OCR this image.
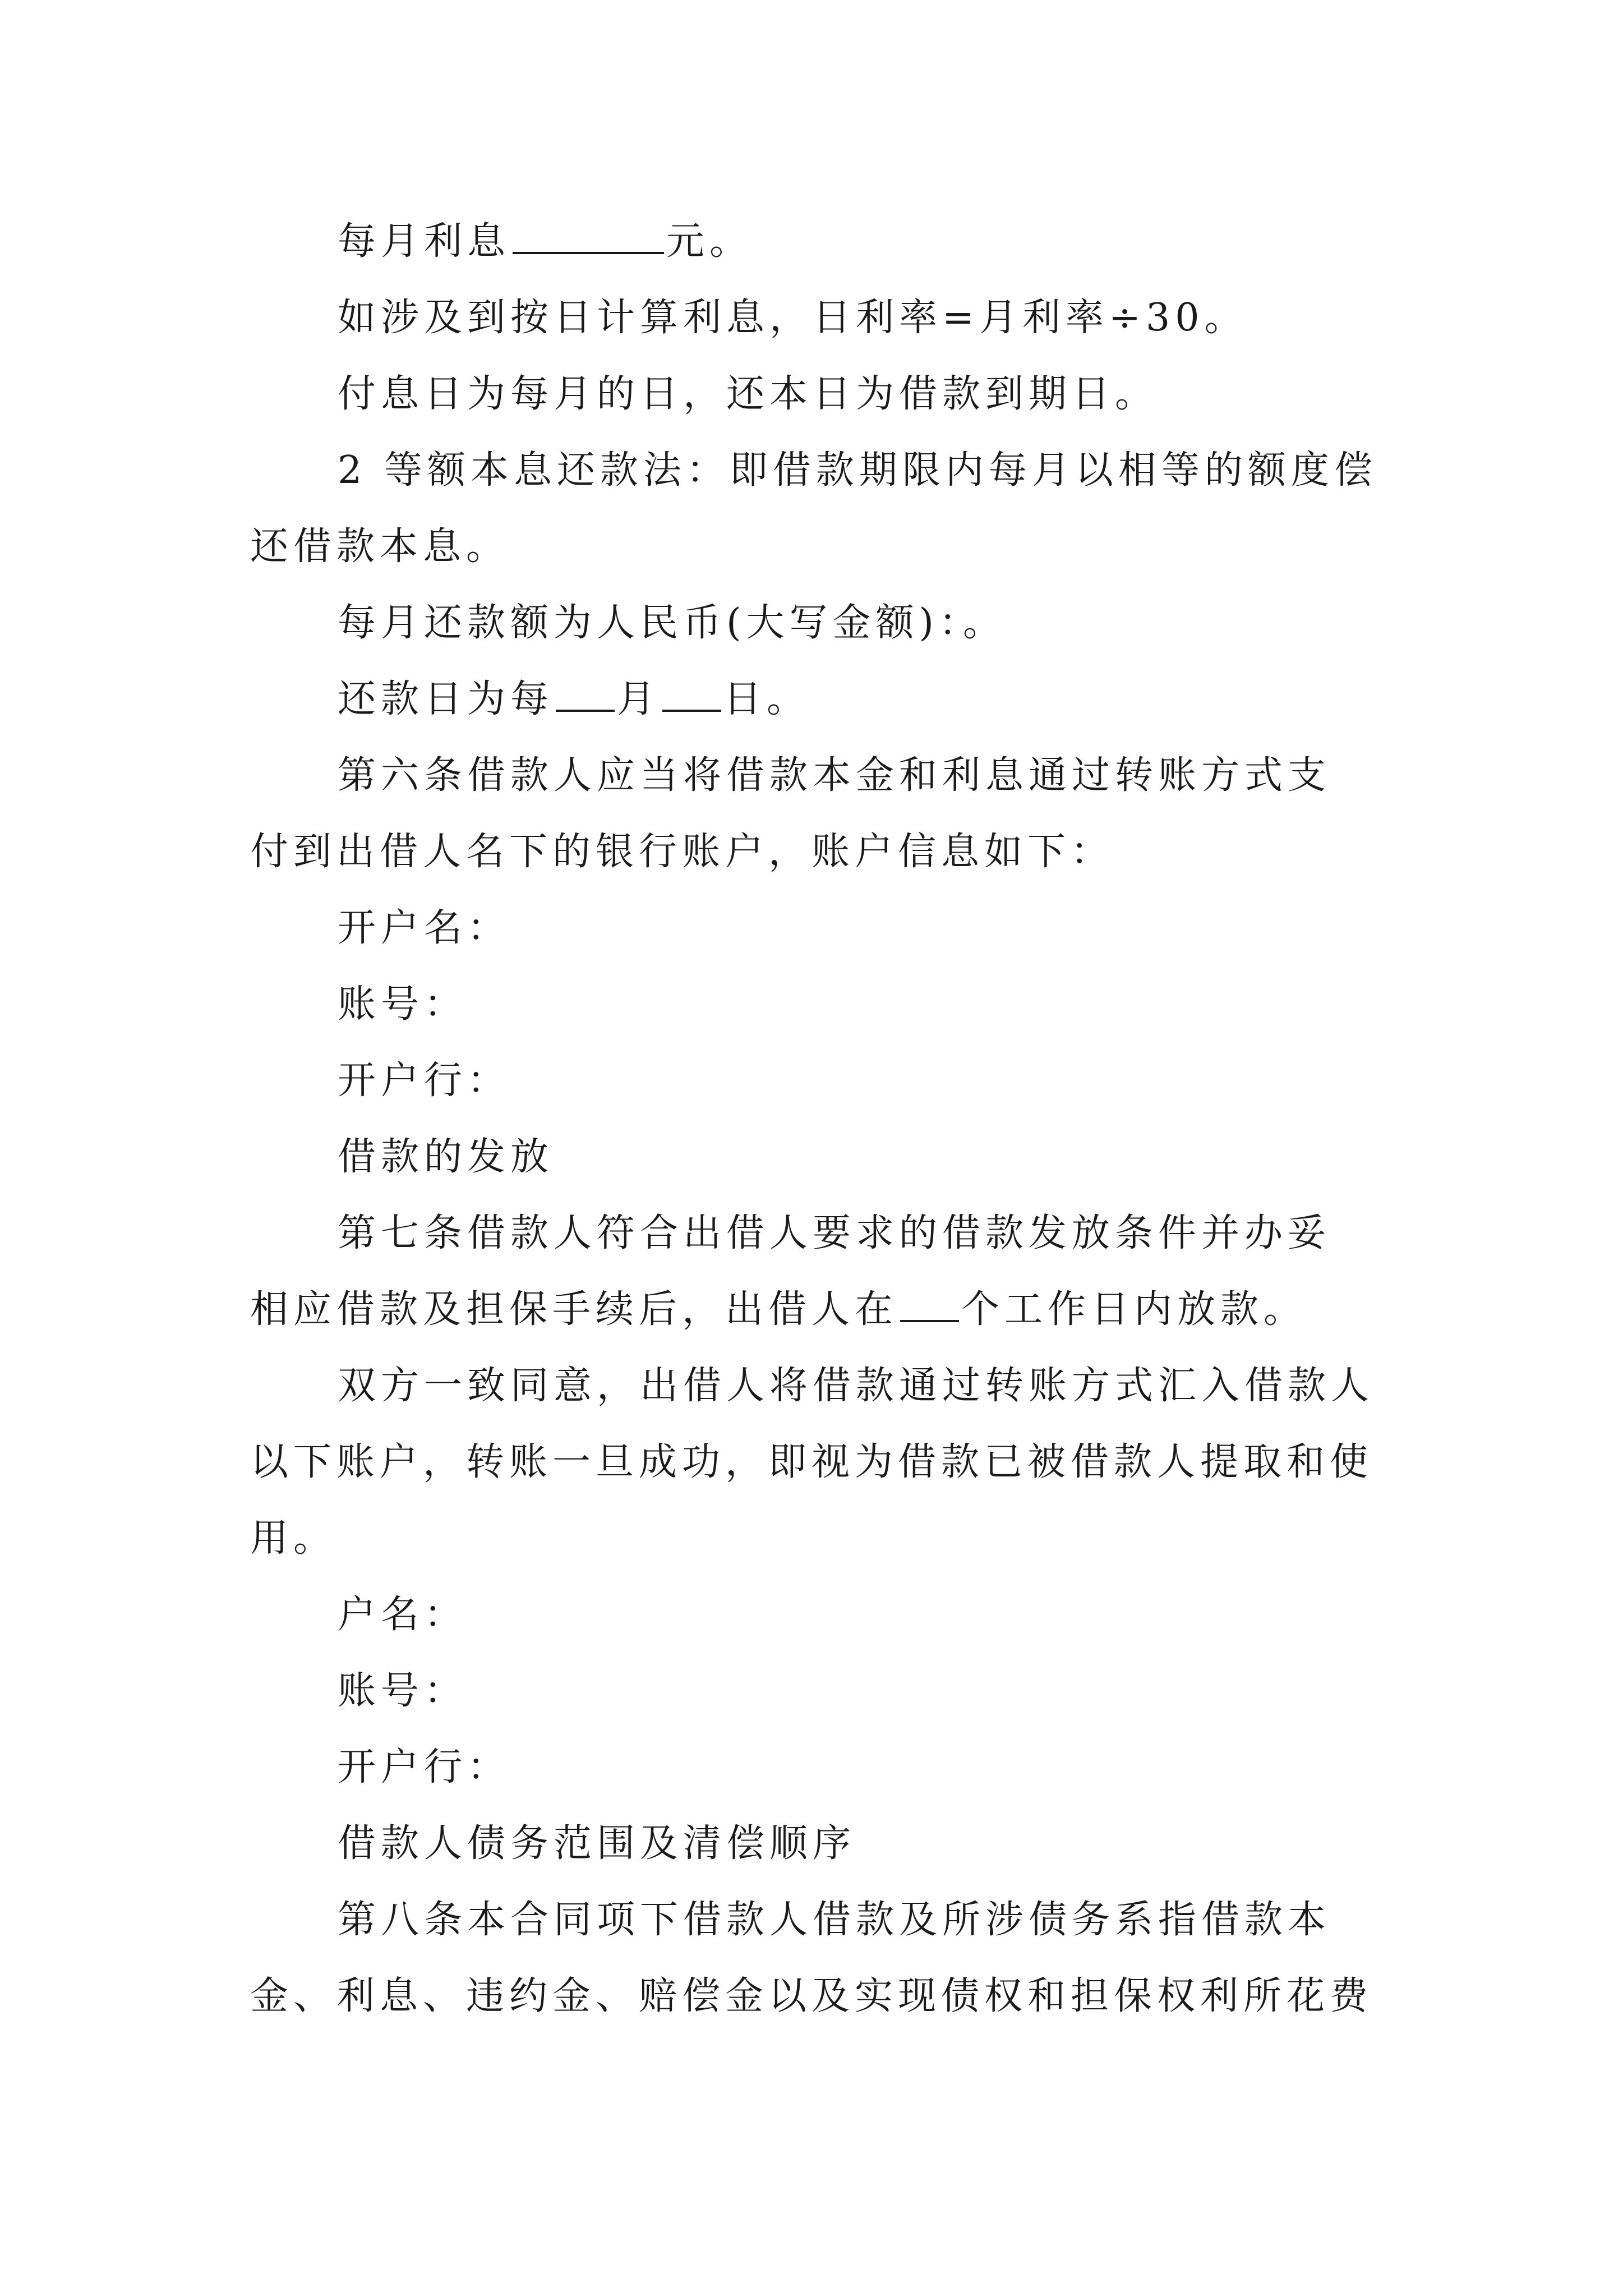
每月利息	元。

如涉及到按日计算利息，日利率=月利率÷30。

付息日为每月的日，还本日为借款到期日。

2 等额本息还款法：即借款期限内每月以相等的额度偿

还借款本息。

每月还款额为人民币(大写金额)：。

还款日为每 月 日。

第六条借款人应当将借款本金和利息通过转账方式支

付到出借人名下的银行账户，账户信息如下：

开户名：

账号：

开户行：

借款的发放

第七条借款人符合出借人要求的借款发放条件并办妥

相应借款及担保手续后，出借人在 个工作日内放款。

双方一致同意，出借人将借款通过转账方式汇入借款人

以下账户，转账一旦成功，即视为借款已被借款人提取和使

用。

户名：

账号：

开户行：

借款人债务范围及清偿顺序

第八条本合同项下借款人借款及所涉债务系指借款本

金、利息、违约金、赔偿金以及实现债权和担保权利所花费
